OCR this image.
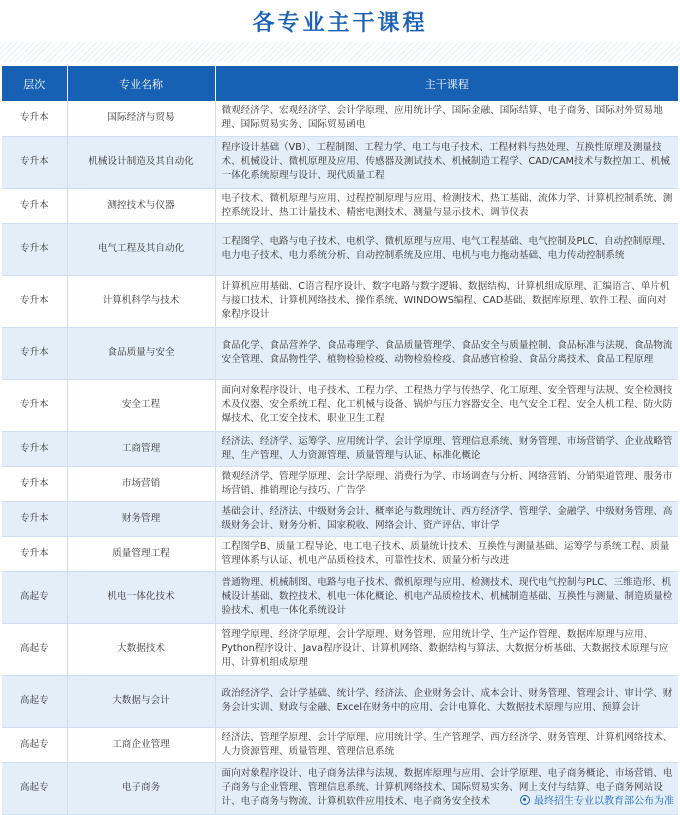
各专业主干课程
层次	专业名称	主干课程
专升本	国际经济与贸易	微观经济学、宏观经济学、会计学原理、应用统计学、国际金融、国际结算、电子商务、国际对外贸易地理、国际贸易实务、国际贸易函电
专升本	机械设计制造及其自动化	程序设计基础（VB）、工程制图、工程力学、电工与电子技术、工程材料与热处理、互换性原理及测量技术、机械设计、微机原理及应用、传感器及测试技术、机械制造工程学、CAD/CAM技术与数控加工、机械一体化系统原理与设计、现代质量工程
专升本	测控技术与仪器	电子技术、微机原理与应用、过程控制原理与应用、检测技术、热工基础、流体力学、计算机控制系统、测控系统设计、热工计量技术、精密电测技术、测量与显示技术、调节仪表
专升本	电气工程及其自动化	工程图学、电路与电子技术、电机学、微机原理与应用、电气工程基础、电气控制及PLC、自动控制原理、电力电子技术、电力系统分析、自动控制系统及应用、电机与电力拖动基础、电力传动控制系统
专升本	计算机科学与技术	计算机应用基础、C语言程序设计、数字电路与数字逻辑、数据结构、计算机组成原理、汇编语言、单片机与接口技术、计算机网络技术、操作系统、WINDOWS编程、CAD基础、数据库原理、软件工程、面向对象程序设计
专升本	食品质量与安全	食品化学、食品营养学、食品毒理学、食品质量管理学、食品安全与质量控制、食品标准与法规、食品物流安全管理、食品物性学、植物检验检疫、动物检验检疫、食品感官检验、食品分离技术、食品工程原理
专升本	安全工程	面向对象程序设计、电子技术、工程力学、工程热力学与传热学、化工原理、安全管理与法规、安全检测技术及仪器、安全系统工程、化工机械与设备、锅炉与压力容器安全、电气安全工程、安全人机工程、防火防爆技术、化工安全技术、职业卫生工程
专升本	工商管理	经济法、经济学、运筹学、应用统计学、会计学原理、管理信息系统、财务管理、市场营销学、企业战略管理、生产管理、人力资源管理、质量管理与认证、标准化概论
专升本	市场营销	微观经济学、管理学原理、会计学原理、消费行为学、市场调查与分析、网络营销、分销渠道管理、服务市场营销、推销理论与技巧、广告学
专升本	财务管理	基础会计、经济法、中级财务会计、概率论与数理统计、西方经济学、管理学、金融学、中级财务管理、高级财务会计、财务分析、国家税收、网络会计、资产评估、审计学
专升本	质量管理工程	工程图学B、质量工程导论、电工电子技术、质量统计技术、互换性与测量基础、运筹学与系统工程、质量管理体系与认证、机电产品质检技术、可靠性技术、质量分析与改进
高起专	机电一体化技术	普通物理、机械制图、电路与电子技术、微机原理与应用、检测技术、现代电气控制与PLC、三维造形、机械设计基础、数控技术、机电一体化概论、机电产品质检技术、机械制造基础、互换性与测量、制造质量检验技术、机电一体化系统设计
高起专	大数据技术	管理学原理、经济学原理、会计学原理、财务管理、应用统计学、生产运作管理、数据库原理与应用、Python程序设计、Java程序设计、计算机网络、数据结构与算法、大数据分析基础、大数据技术原理与应用、计算机组成原理
高起专	大数据与会计	政治经济学、会计学基础、统计学、经济法、企业财务会计、成本会计、财务管理、管理会计、审计学、财务会计实训、财政与金融、Excel在财务中的应用、会计电算化、大数据技术原理与应用、预算会计
高起专	工商企业管理	经济法、管理学原理、会计学原理、应用统计学、生产管理学、西方经济学、财务管理、计算机网络技术、人力资源管理、质量管理、管理信息系统
高起专	电子商务	面向对象程序设计、电子商务法律与法规、数据库原理与应用、会计学原理、电子商务概论、市场营销、电子商务与企业管理、管理信息系统、计算机网络技术、国际贸易实务、网上支付与结算、电子商务网站设计、电子商务与物流、计算机软件应用技术、电子商务安全技术	最终招生专业以教育部公布为准
